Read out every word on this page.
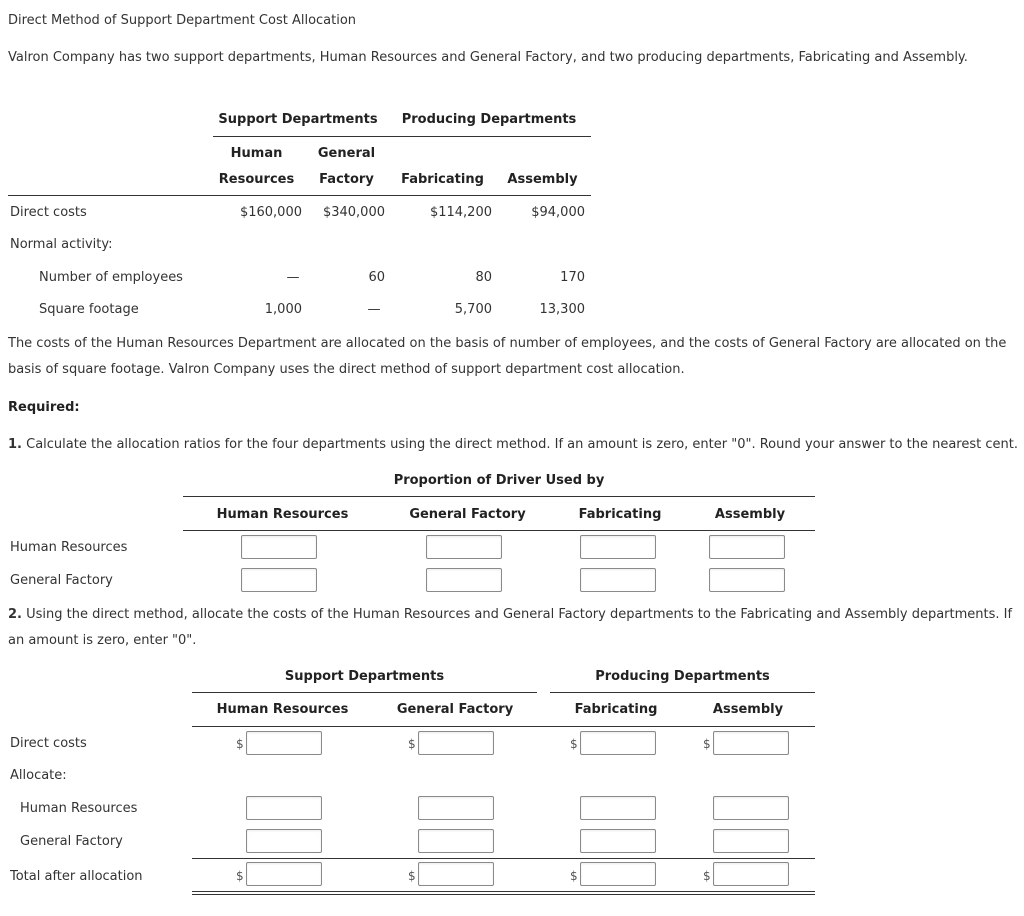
Direct Method of Support Department Cost Allocation
Valron Company has two support departments, Human Resources and General Factory, and two producing departments, Fabricating and Assembly.
Support Departments	Producing Departments
Human	General
Resources	Factory	Fabricating	Assembly
Direct costs	$160,000	$340,000	$114,200	$94,000
Normal activity:
Number of employees	—	60	80	170
Square footage	1,000	—	5,700	13,300

The costs of the Human Resources Department are allocated on the basis of number of employees, and the costs of General Factory are allocated on the basis of square footage. Valron Company uses the direct method of support department cost allocation.

Required:
1. Calculate the allocation ratios for the four departments using the direct method. If an amount is zero, enter "0". Round your answer to the nearest cent.
Proportion of Driver Used by
Human Resources	General Factory	Fabricating	Assembly
Human Resources
General Factory

2. Using the direct method, allocate the costs of the Human Resources and General Factory departments to the Fabricating and Assembly departments. If an amount is zero, enter "0".

Support Departments	Producing Departments
Human Resources	General Factory	Fabricating	Assembly
Direct costs	$	$	$	$
Allocate:
Human Resources
General Factory
Total after allocation	$	$	$	$
